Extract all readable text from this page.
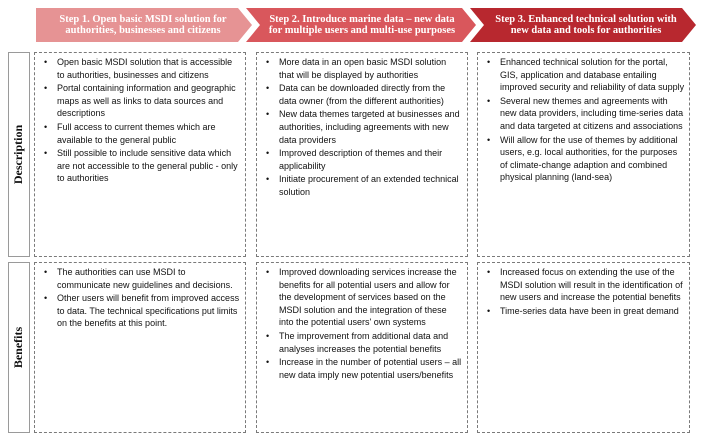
Step 1. Open basic MSDI solution for authorities, businesses and citizens
Step 2. Introduce marine data – new data for multiple users and multi-use purposes
Step 3. Enhanced technical solution with new data and tools for authorities
Description
Benefits
• Open basic MSDI solution that is accessible to authorities, businesses and citizens
• Portal containing information and geographic maps as well as links to data sources and descriptions
• Full access to current themes which are available to the general public
• Still possible to include sensitive data which are not accessible to the general public - only to authorities
• More data in an open basic MSDI solution that will be displayed by authorities
• Data can be downloaded directly from the data owner (from the different authorities)
• New data themes targeted at businesses and authorities, including agreements with new data providers
• Improved description of themes and their applicability
• Initiate procurement of an extended technical solution
• Enhanced technical solution for the portal, GIS, application and database entailing improved security and reliability of data supply
• Several new themes and agreements with new data providers, including time-series data and data targeted at citizens and associations
• Will allow for the use of themes by additional users, e.g. local authorities, for the purposes of climate-change adaption and combined physical planning (land-sea)
• The authorities can use MSDI to communicate new guidelines and decisions.
• Other users will benefit from improved access to data. The technical specifications put limits on the benefits at this point.
• Improved downloading services increase the benefits for all potential users and allow for the development of services based on the MSDI solution and the integration of these into the potential users' own systems
• The improvement from additional data and analyses increases the potential benefits
• Increase in the number of potential users – all new data imply new potential users/benefits
• Increased focus on extending the use of the MSDI solution will result in the identification of new users and increase the potential benefits
• Time-series data have been in great demand
